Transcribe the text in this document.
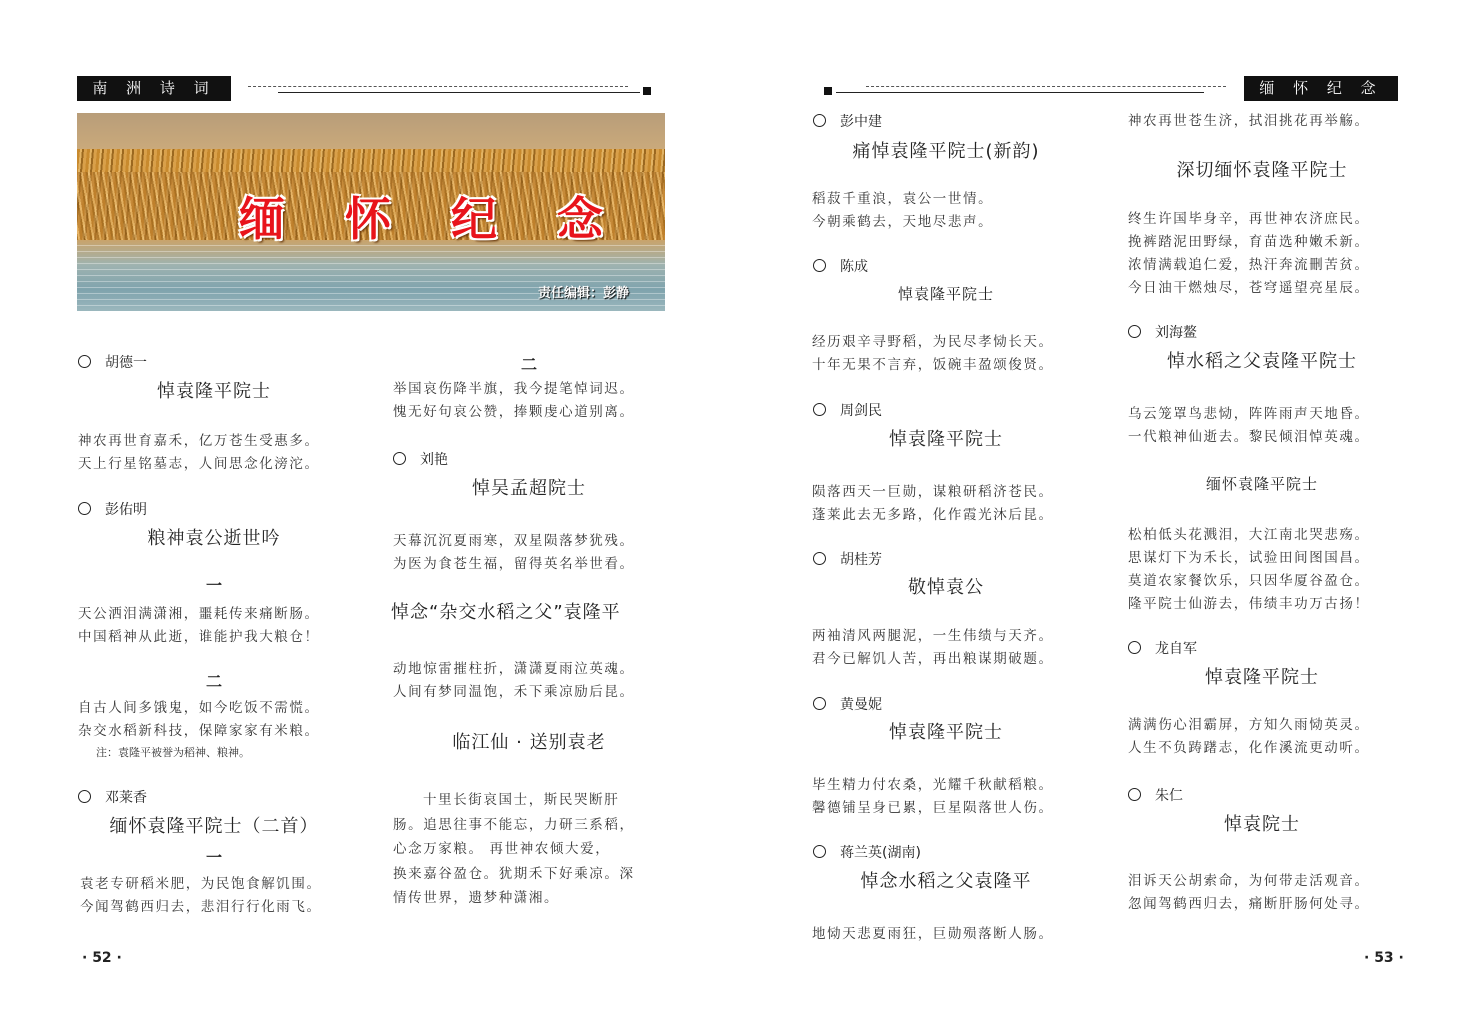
南 洲 诗 词
缅 怀 纪 念
责任编辑：彭静
胡德一
悼袁隆平院士
神农再世育嘉禾，亿万苍生受惠多。
天上行星铭墓志，人间思念化滂沱。
彭佑明
粮神袁公逝世吟
一
天公洒泪满潇湘，噩耗传来痛断肠。
中国稻神从此逝，谁能护我大粮仓！
二
自古人间多饿鬼，如今吃饭不需慌。
杂交水稻新科技，保障家家有米粮。
注：袁隆平被誉为稻神、粮神。
邓莱香
缅怀袁隆平院士（二首）
一
袁老专研稻米肥，为民饱食解饥围。
今闻驾鹤西归去，悲泪行行化雨飞。
二
举国哀伤降半旗，我今提笔悼词迟。
愧无好句哀公赞，捧颗虔心道别离。
刘艳
悼吴孟超院士
天幕沉沉夏雨寒，双星陨落梦犹残。
为医为食苍生福，留得英名举世看。
悼念“杂交水稻之父”袁隆平
动地惊雷摧柱折，潇潇夏雨泣英魂。
人间有梦同温饱，禾下乘凉励后昆。
临江仙 · 送别袁老
十里长街哀国士，斯民哭断肝
肠。追思往事不能忘，力研三系稻，
心念万家粮。 再世神农倾大爱，
换来嘉谷盈仓。犹期禾下好乘凉。深
情传世界，遗梦种潇湘。
· 52 ·
缅 怀 纪 念
彭中建
痛悼袁隆平院士(新韵)
稻菽千重浪，袁公一世情。
今朝乘鹤去，天地尽悲声。
陈成
悼袁隆平院士
经历艰辛寻野稻，为民尽孝恸长天。
十年无果不言弃，饭碗丰盈颂俊贤。
周剑民
悼袁隆平院士
陨落西天一巨勋，谋粮研稻济苍民。
蓬莱此去无多路，化作霞光沐后昆。
胡桂芳
敬悼袁公
两袖清风两腿泥，一生伟绩与天齐。
君今已解饥人苦，再出粮谋期破题。
黄曼妮
悼袁隆平院士
毕生精力付农桑，光耀千秋献稻粮。
馨德铺呈身已累，巨星陨落世人伤。
蒋兰英(湖南)
悼念水稻之父袁隆平
地恸天悲夏雨狂，巨勋殒落断人肠。
神农再世苍生济，拭泪挑花再举觞。
深切缅怀袁隆平院士
终生许国毕身辛，再世神农济庶民。
挽裤踏泥田野绿，育苗选种嫩禾新。
浓情满载追仁爱，热汗奔流刪苦贫。
今日油干燃烛尽，苍穹遥望亮星辰。
刘海鳌
悼水稻之父袁隆平院士
乌云笼罩鸟悲恸，阵阵雨声天地昏。
一代粮神仙逝去。黎民倾泪悼英魂。
缅怀袁隆平院士
松柏低头花溅泪，大江南北哭悲殇。
思谋灯下为禾长，试验田间图国昌。
莫道农家餐饮乐，只因华厦谷盈仓。
隆平院士仙游去，伟绩丰功万古扬！
龙自军
悼袁隆平院士
满满伤心泪霸屏，方知久雨恸英灵。
人生不负踌躇志，化作溪流更动听。
朱仁
悼袁院士
泪诉天公胡索命，为何带走活观音。
忽闻驾鹤西归去，痛断肝肠何处寻。
· 53 ·
